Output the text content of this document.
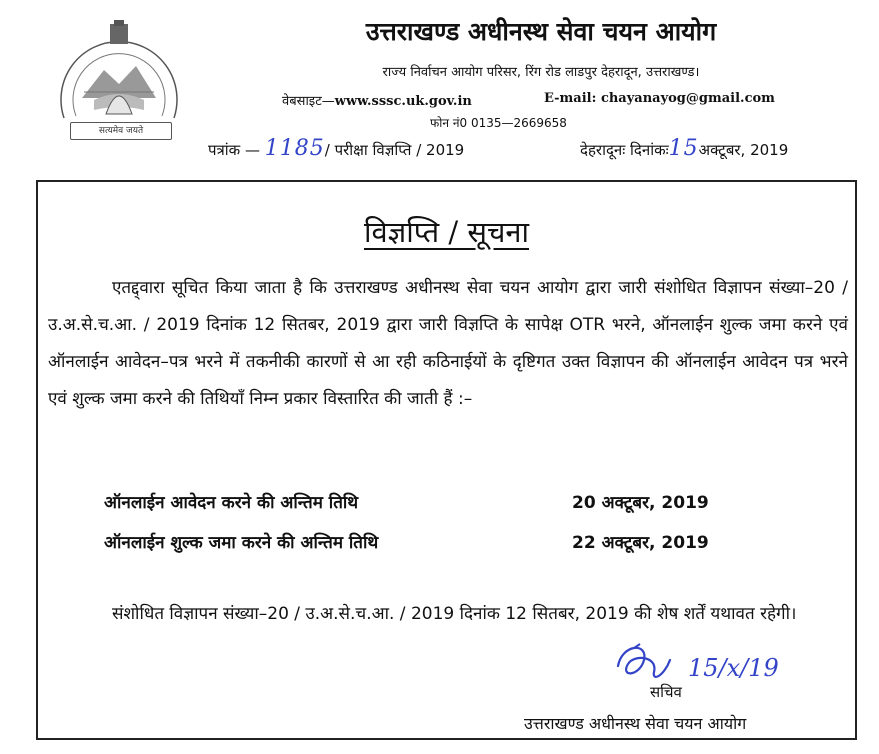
सत्यमेव जयते
उत्तराखण्ड अधीनस्थ सेवा चयन आयोग
राज्य निर्वाचन आयोग परिसर, रिंग रोड लाडपुर देहरादून, उत्तराखण्ड।
वेबसाइट—www.sssc.uk.gov.in	E-mail: chayanayog@gmail.com
फोन नं0 0135—2669658
पत्रांक — 1185/ परीक्षा विज्ञप्ति / 2019	देहरादूनः दिनांकः15अक्टूबर, 2019
विज्ञप्ति / सूचना
एतद्द्वारा सूचित किया जाता है कि उत्तराखण्ड अधीनस्थ सेवा चयन आयोग द्वारा जारी संशोधित विज्ञापन संख्या–20 / उ.अ.से.च.आ. / 2019 दिनांक 12 सितबर, 2019 द्वारा जारी विज्ञप्ति के सापेक्ष OTR भरने, ऑनलाईन शुल्क जमा करने एवं ऑनलाईन आवेदन–पत्र भरने में तकनीकी कारणों से आ रही कठिनाईयों के दृष्टिगत उक्त विज्ञापन की ऑनलाईन आवेदन पत्र भरने एवं शुल्क जमा करने की तिथियॉं निम्न प्रकार विस्तारित की जाती हैं :–
ऑनलाईन आवेदन करने की अन्तिम तिथि	20 अक्टूबर, 2019
ऑनलाईन शुल्क जमा करने की अन्तिम तिथि	22 अक्टूबर, 2019
संशोधित विज्ञापन संख्या–20 / उ.अ.से.च.आ. / 2019 दिनांक 12 सितबर, 2019 की शेष शर्तें यथावत रहेगी।
15/x/19
सचिव
उत्तराखण्ड अधीनस्थ सेवा चयन आयोग
